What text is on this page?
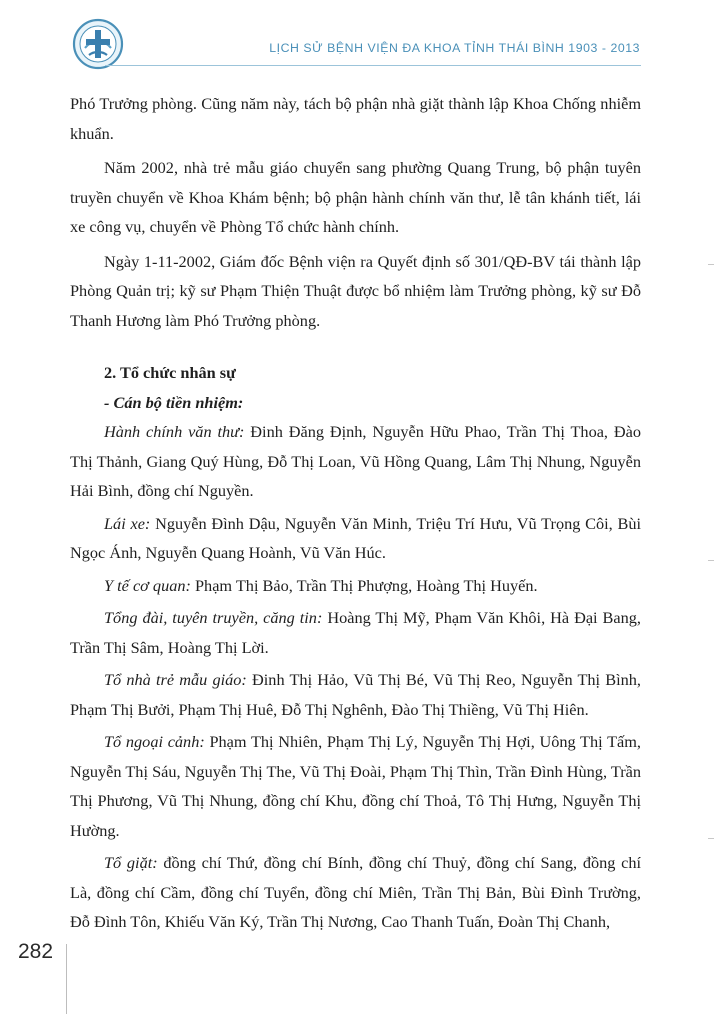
LỊCH SỬ BỆNH VIỆN ĐA KHOA TỈNH THÁI BÌNH 1903 - 2013

Phó Trưởng phòng. Cũng năm này, tách bộ phận nhà giặt thành lập Khoa Chống nhiễm khuẩn.

Năm 2002, nhà trẻ mẫu giáo chuyển sang phường Quang Trung, bộ phận tuyên truyền chuyển về Khoa Khám bệnh; bộ phận hành chính văn thư, lễ tân khánh tiết, lái xe công vụ, chuyển về Phòng Tổ chức hành chính.

Ngày 1-11-2002, Giám đốc Bệnh viện ra Quyết định số 301/QĐ-BV tái thành lập Phòng Quản trị; kỹ sư Phạm Thiện Thuật được bổ nhiệm làm Trưởng phòng, kỹ sư Đỗ Thanh Hương làm Phó Trưởng phòng.

2. Tổ chức nhân sự

- Cán bộ tiền nhiệm:

Hành chính văn thư: Đinh Đăng Định, Nguyễn Hữu Phao, Trần Thị Thoa, Đào Thị Thảnh, Giang Quý Hùng, Đỗ Thị Loan, Vũ Hồng Quang, Lâm Thị Nhung, Nguyễn Hải Bình, đồng chí Nguyền.

Lái xe: Nguyễn Đình Dậu, Nguyễn Văn Minh, Triệu Trí Hưu, Vũ Trọng Côi, Bùi Ngọc Ánh, Nguyễn Quang Hoành, Vũ Văn Húc.

Y tế cơ quan: Phạm Thị Bảo, Trần Thị Phượng, Hoàng Thị Huyến.

Tổng đài, tuyên truyền, căng tin: Hoàng Thị Mỹ, Phạm Văn Khôi, Hà Đại Bang, Trần Thị Sâm, Hoàng Thị Lời.

Tổ nhà trẻ mẫu giáo: Đinh Thị Hảo, Vũ Thị Bé, Vũ Thị Reo, Nguyễn Thị Bình, Phạm Thị Bưởi, Phạm Thị Huê, Đỗ Thị Nghênh, Đào Thị Thiềng, Vũ Thị Hiên.

Tổ ngoại cảnh: Phạm Thị Nhiên, Phạm Thị Lý, Nguyễn Thị Hợi, Uông Thị Tấm, Nguyễn Thị Sáu, Nguyễn Thị The, Vũ Thị Đoài, Phạm Thị Thìn, Trần Đình Hùng, Trần Thị Phương, Vũ Thị Nhung, đồng chí Khu, đồng chí Thoả, Tô Thị Hưng, Nguyễn Thị Hường.

Tổ giặt: đồng chí Thứ, đồng chí Bính, đồng chí Thuỷ, đồng chí Sang, đồng chí Là, đồng chí Cầm, đồng chí Tuyển, đồng chí Miên, Trần Thị Bản, Bùi Đình Trường, Đỗ Đình Tôn, Khiếu Văn Ký, Trần Thị Nương, Cao Thanh Tuấn, Đoàn Thị Chanh,

282
